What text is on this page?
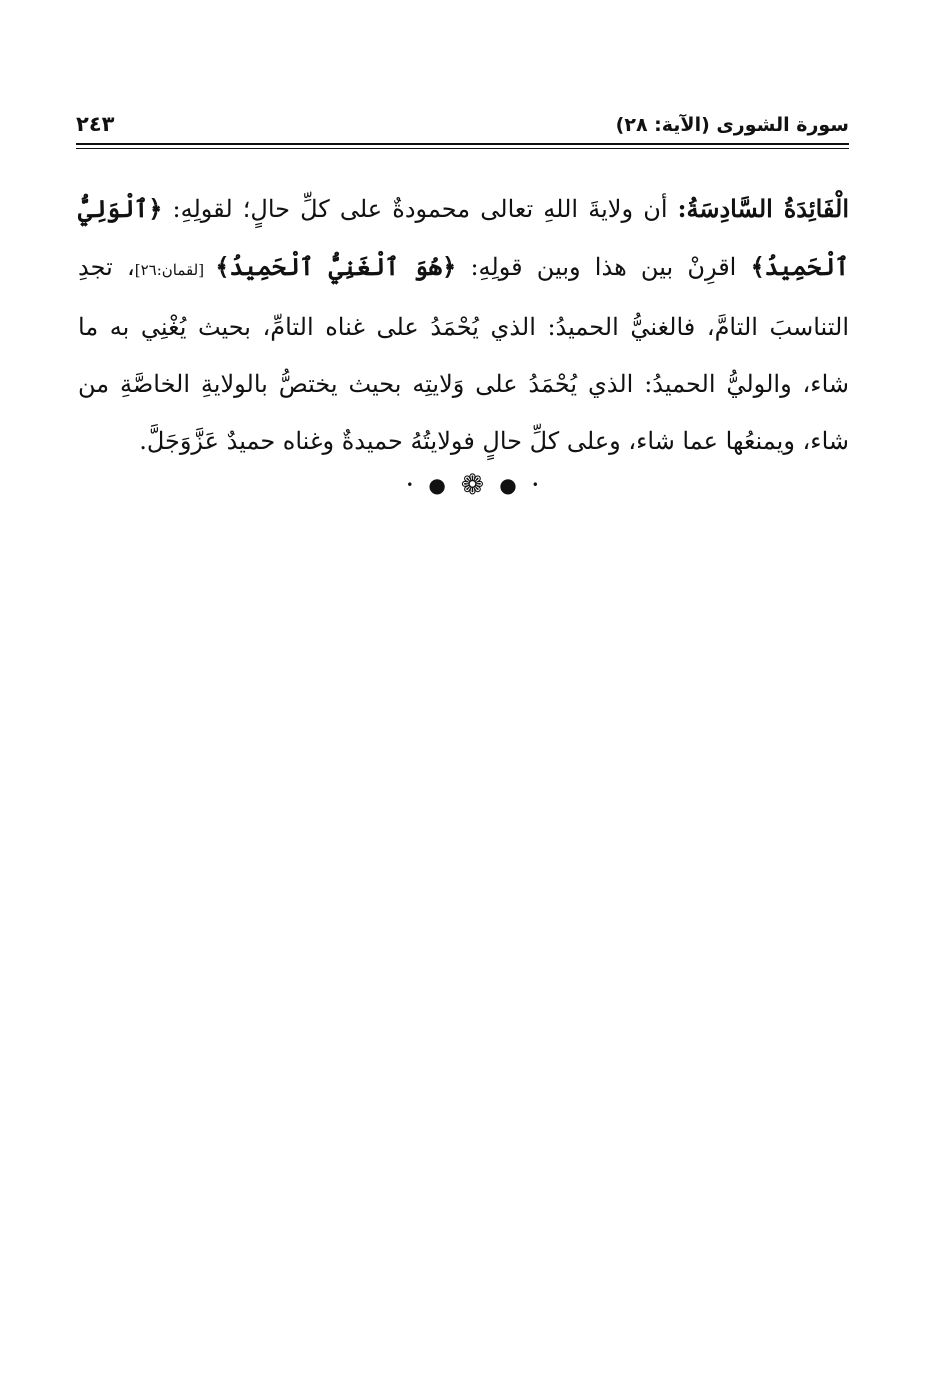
سورة الشورى (الآية: ٢٨)
٢٤٣
الْفَائِدَةُ السَّادِسَةُ: أن ولايةَ اللهِ تعالى محمودةٌ على كلِّ حالٍ؛ لقولِهِ: ﴿ٱلْوَلِيُّ ٱلْحَمِيدُ﴾ اقرِنْ بين هذا وبين قولِهِ: ﴿هُوَ ٱلْغَنِيُّ ٱلْحَمِيدُ﴾ [لقمان:٢٦]، تجدِ التناسبَ التامَّ، فالغنيُّ الحميدُ: الذي يُحْمَدُ على غناه التامِّ، بحيث يُغْنِي به ما شاء، والوليُّ الحميدُ: الذي يُحْمَدُ على وَلايتِه بحيث يختصُّ بالولايةِ الخاصَّةِ من شاء، ويمنعُها عما شاء، وعلى كلِّ حالٍ فولايتُهُ حميدةٌ وغناه حميدٌ عَزَّوَجَلَّ.
• ● ❁ ● •
